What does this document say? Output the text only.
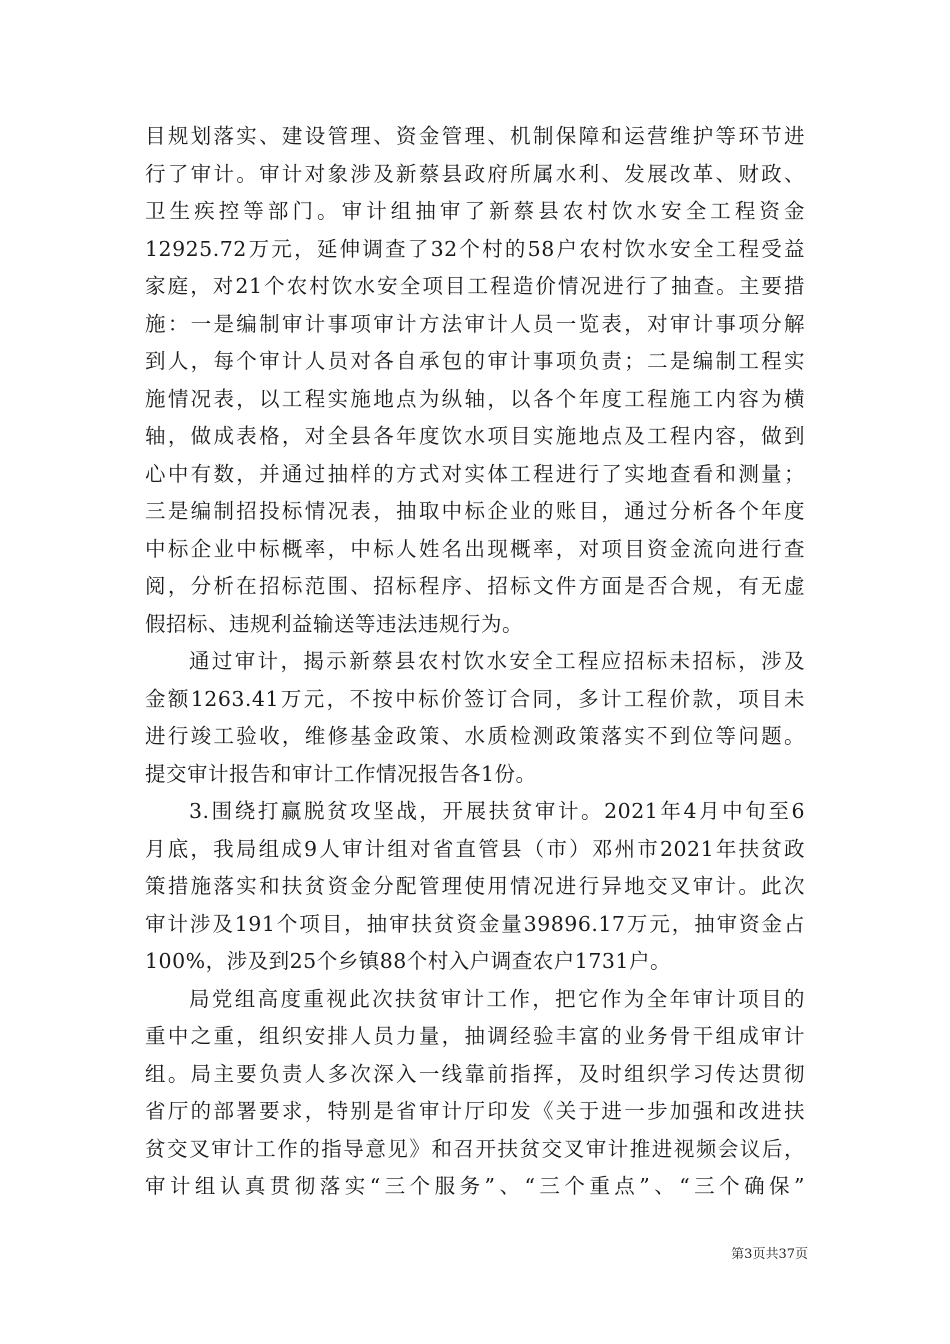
目规划落实、建设管理、资金管理、机制保障和运营维护等环节进
行了审计。审计对象涉及新蔡县政府所属水利、发展改革、财政、
卫生疾控等部门。审计组抽审了新蔡县农村饮水安全工程资金
12925.72万元，延伸调查了32个村的58户农村饮水安全工程受益
家庭，对21个农村饮水安全项目工程造价情况进行了抽查。主要措
施：一是编制审计事项审计方法审计人员一览表，对审计事项分解
到人，每个审计人员对各自承包的审计事项负责；二是编制工程实
施情况表，以工程实施地点为纵轴，以各个年度工程施工内容为横
轴，做成表格，对全县各年度饮水项目实施地点及工程内容，做到
心中有数，并通过抽样的方式对实体工程进行了实地查看和测量；
三是编制招投标情况表，抽取中标企业的账目，通过分析各个年度
中标企业中标概率，中标人姓名出现概率，对项目资金流向进行查
阅，分析在招标范围、招标程序、招标文件方面是否合规，有无虚
假招标、违规利益输送等违法违规行为。
通过审计，揭示新蔡县农村饮水安全工程应招标未招标，涉及
金额1263.41万元，不按中标价签订合同，多计工程价款，项目未
进行竣工验收，维修基金政策、水质检测政策落实不到位等问题。
提交审计报告和审计工作情况报告各1份。
3.围绕打赢脱贫攻坚战，开展扶贫审计。2021年4月中旬至6
月底，我局组成9人审计组对省直管县（市）邓州市2021年扶贫政
策措施落实和扶贫资金分配管理使用情况进行异地交叉审计。此次
审计涉及191个项目，抽审扶贫资金量39896.17万元，抽审资金占
100%，涉及到25个乡镇88个村入户调查农户1731户。
局党组高度重视此次扶贫审计工作，把它作为全年审计项目的
重中之重，组织安排人员力量，抽调经验丰富的业务骨干组成审计
组。局主要负责人多次深入一线靠前指挥，及时组织学习传达贯彻
省厅的部署要求，特别是省审计厅印发《关于进一步加强和改进扶
贫交叉审计工作的指导意见》和召开扶贫交叉审计推进视频会议后，
审计组认真贯彻落实“三个服务”、“三个重点”、“三个确保”
第3页共37页
